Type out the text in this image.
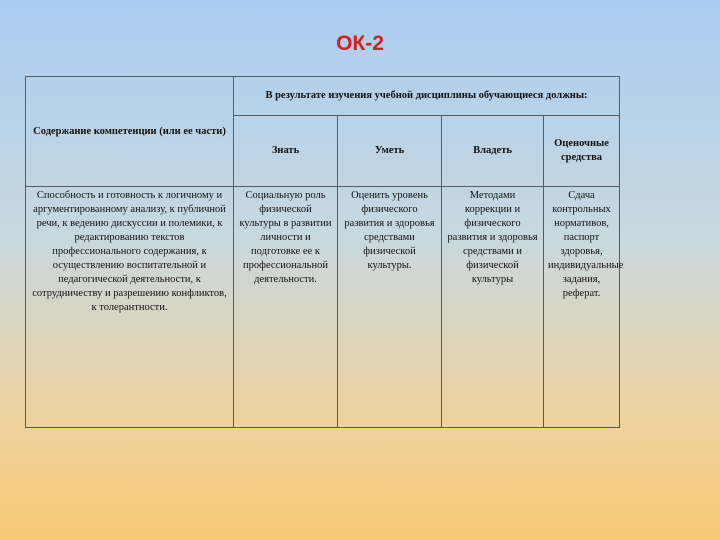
ОК-2
Содержание компетенции (или ее части)	В результате изучения учебной дисциплины обучающиеся должны:			
	Знать	Уметь	Владеть	Оценочные средства
Способность и готовность к логичному и аргументированному анализу, к публичной речи, к ведению дискуссии и полемики, к редактированию текстов профессионального содержания, к осуществлению воспитательной и педагогической деятельности, к сотрудничеству и разрешению конфликтов, к толерантности.	Социальную роль физической культуры в развитии личности и подготовке ее к профессиональной деятельности.	Оценить уровень физического развития и здоровья средствами физической культуры.	Методами коррекции и физического развития и здоровья средствами и физической культуры	Сдача контрольных нормативов, паспорт здоровья, индивидуальные задания, реферат.
